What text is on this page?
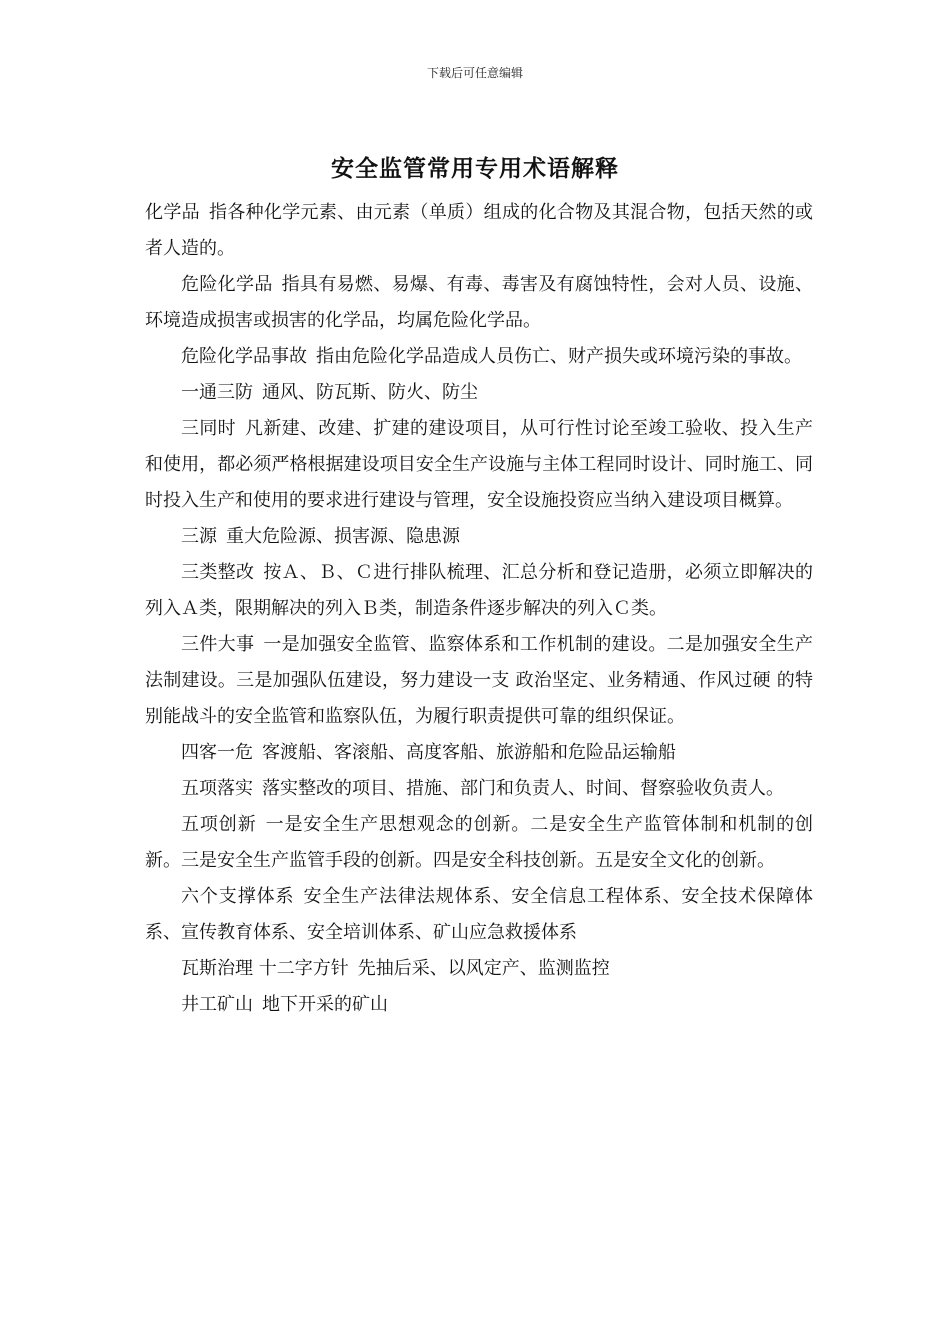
下载后可任意编辑
安全监管常用专用术语解释

化学品 指各种化学元素、由元素（单质）组成的化合物及其混合物，包括天然的或者人造的。

危险化学品 指具有易燃、易爆、有毒、毒害及有腐蚀特性，会对人员、设施、环境造成损害或损害的化学品，均属危险化学品。

危险化学品事故 指由危险化学品造成人员伤亡、财产损失或环境污染的事故。

一通三防 通风、防瓦斯、防火、防尘

三同时 凡新建、改建、扩建的建设项目，从可行性讨论至竣工验收、投入生产和使用，都必须严格根据建设项目安全生产设施与主体工程同时设计、同时施工、同时投入生产和使用的要求进行建设与管理，安全设施投资应当纳入建设项目概算。

三源 重大危险源、损害源、隐患源

三类整改 按Ａ、Ｂ、Ｃ进行排队梳理、汇总分析和登记造册，必须立即解决的列入Ａ类，限期解决的列入Ｂ类，制造条件逐步解决的列入Ｃ类。

三件大事 一是加强安全监管、监察体系和工作机制的建设。二是加强安全生产法制建设。三是加强队伍建设，努力建设一支 政治坚定、业务精通、作风过硬 的特别能战斗的安全监管和监察队伍，为履行职责提供可靠的组织保证。

四客一危 客渡船、客滚船、高度客船、旅游船和危险品运输船

五项落实 落实整改的项目、措施、部门和负责人、时间、督察验收负责人。

五项创新 一是安全生产思想观念的创新。二是安全生产监管体制和机制的创新。三是安全生产监管手段的创新。四是安全科技创新。五是安全文化的创新。

六个支撑体系 安全生产法律法规体系、安全信息工程体系、安全技术保障体系、宣传教育体系、安全培训体系、矿山应急救援体系

瓦斯治理 十二字方针 先抽后采、以风定产、监测监控

井工矿山 地下开采的矿山
